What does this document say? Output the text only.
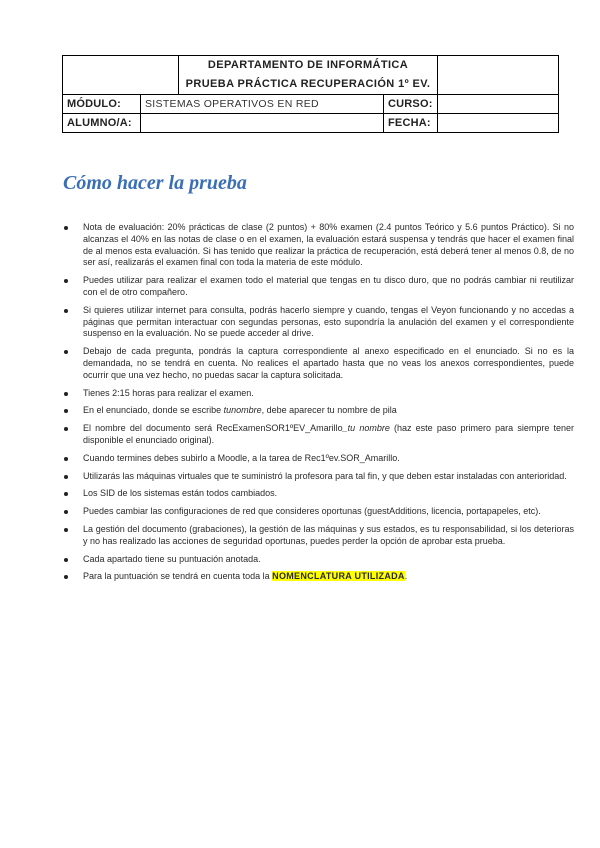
		DEPARTAMENTO DE INFORMÁTICA
PRUEBA PRÁCTICA RECUPERACIÓN 1º EV.		

MÓDULO:	SISTEMAS OPERATIVOS EN RED		CURSO:	
ALUMNO/A:			FECHA:	
Cómo hacer la prueba
Nota de evaluación: 20% prácticas de clase (2 puntos) + 80% examen (2.4 puntos Teórico y 5.6 puntos Práctico). Si no alcanzas el 40% en las notas de clase o en el examen, la evaluación estará suspensa y tendrás que hacer el examen final de al menos esta evaluación. Si has tenido que realizar la práctica de recuperación, está deberá tener al menos 0.8, de no ser así, realizarás el examen final con toda la materia de este módulo.
Puedes utilizar para realizar el examen todo el material que tengas en tu disco duro, que no podrás cambiar ni reutilizar con el de otro compañero.
Si quieres utilizar internet para consulta, podrás hacerlo siempre y cuando, tengas el Veyon funcionando y no accedas a páginas que permitan interactuar con segundas personas, esto supondría la anulación del examen y el correspondiente suspenso en la evaluación. No se puede acceder al drive.
Debajo de cada pregunta, pondrás la captura correspondiente al anexo especificado en el enunciado. Si no es la demandada, no se tendrá en cuenta. No realices el apartado hasta que no veas los anexos correspondientes, puede ocurrir que una vez hecho, no puedas sacar la captura solicitada.
Tienes 2:15 horas para realizar el examen.
En el enunciado, donde se escribe tunombre, debe aparecer tu nombre de pila
El nombre del documento será RecExamenSOR1ºEV_Amarillo_tu nombre (haz este paso primero para siempre tener disponible el enunciado original).
Cuando termines debes subirlo a Moodle, a la tarea de Rec1ºev.SOR_Amarillo.
Utilizarás las máquinas virtuales que te suministró la profesora para tal fin, y que deben estar instaladas con anterioridad.
Los SID de los sistemas están todos cambiados.
Puedes cambiar las configuraciones de red que consideres oportunas (guestAdditions, licencia, portapapeles, etc).
La gestión del documento (grabaciones), la gestión de las máquinas y sus estados, es tu responsabilidad, si los deterioras y no has realizado las acciones de seguridad oportunas, puedes perder la opción de aprobar esta prueba.
Cada apartado tiene su puntuación anotada.
Para la puntuación se tendrá en cuenta toda la NOMENCLATURA UTILIZADA.
